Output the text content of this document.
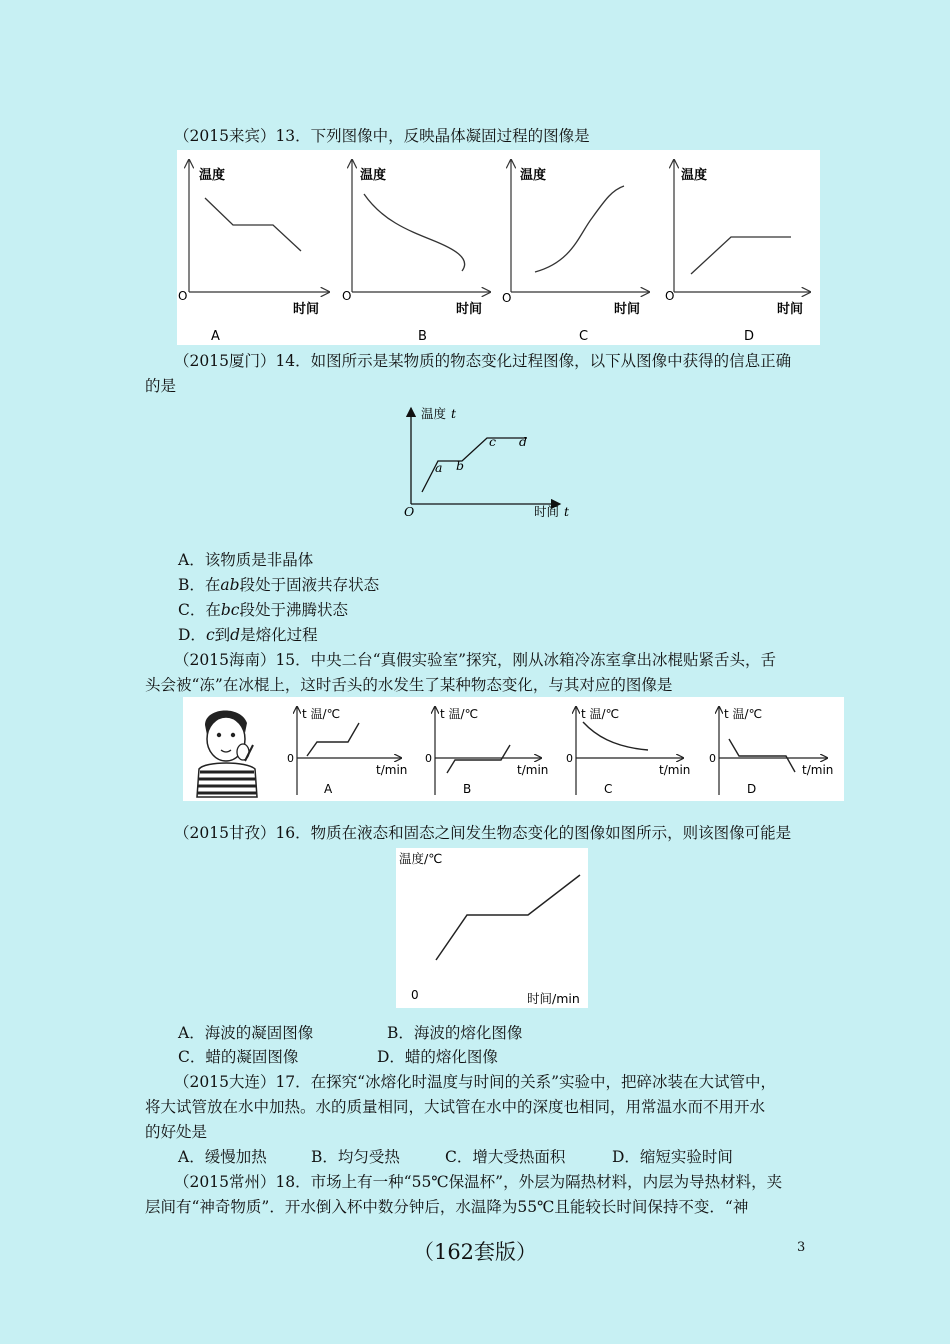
（2015来宾）13．下列图像中，反映晶体凝固过程的图像是
温度
时间
O
A
温度
时间
O
B
温度
时间
O
C
温度
时间
O
D
（2015厦门）14．如图所示是某物质的物态变化过程图像，以下从图像中获得的信息正确
的是
温度 t
时间 t
O
a b
c d
A．该物质是非晶体
B．在ab段处于固液共存状态
C．在bc段处于沸腾状态
D．c到d是熔化过程
（2015海南）15．中央二台“真假实验室”探究，刚从冰箱冷冻室拿出冰棍贴紧舌头，舌
头会被“冻”在冰棍上，这时舌头的水发生了某种物态变化，与其对应的图像是
t 温/℃
t/min
0
A
t 温/℃
t/min
0
B
t 温/℃
t/min
0
C
t 温/℃
t/min
0
D
（2015甘孜）16．物质在液态和固态之间发生物态变化的图像如图所示，则该图像可能是
温度/℃
时间/min
0
A．海波的凝固图像	B．海波的熔化图像
C．蜡的凝固图像	D．蜡的熔化图像
（2015大连）17．在探究“冰熔化时温度与时间的关系”实验中，把碎冰装在大试管中，
将大试管放在水中加热。水的质量相同，大试管在水中的深度也相同，用常温水而不用开水
的好处是
A．缓慢加热	B．均匀受热	C．增大受热面积	D．缩短实验时间
（2015常州）18．市场上有一种“55℃保温杯”，外层为隔热材料，内层为导热材料，夹
层间有“神奇物质”．开水倒入杯中数分钟后，水温降为55℃且能较长时间保持不变．“神
（162套版）	3
